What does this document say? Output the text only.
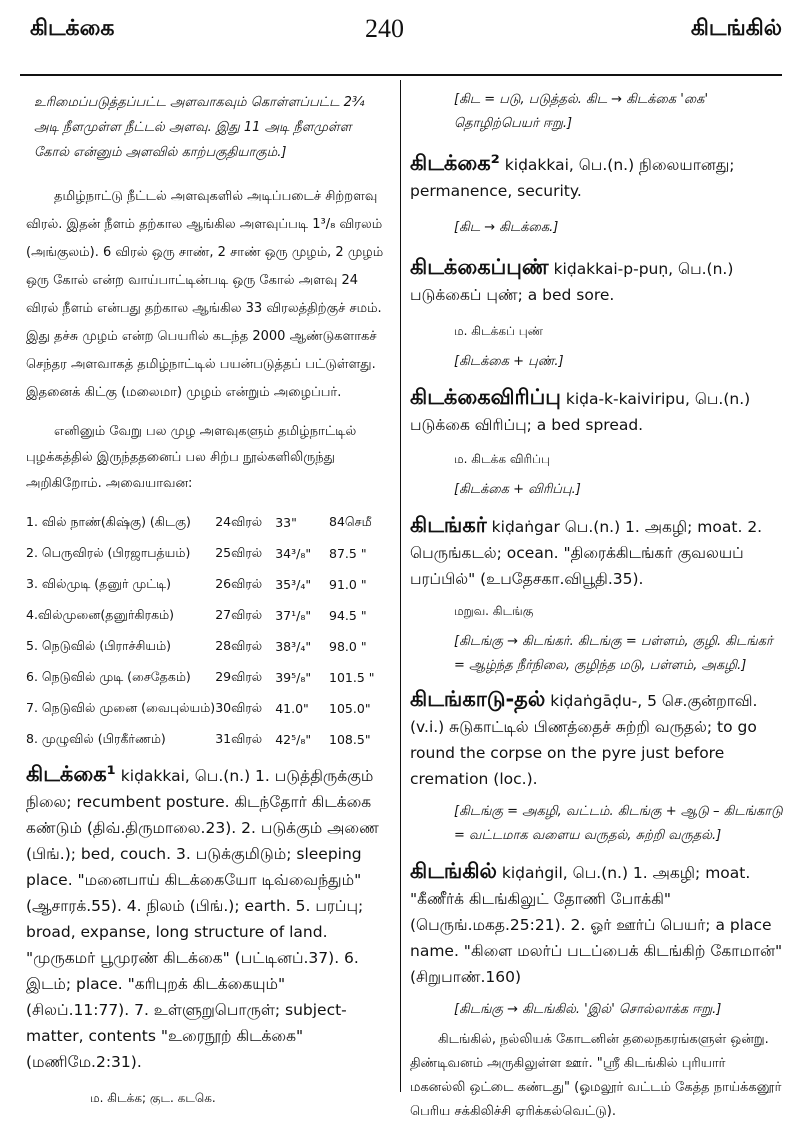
கிடக்கை	240	கிடங்கில்

உரிமைப்படுத்தப்பட்ட அளவாகவும் கொள்ளப்பட்ட 2¾ அடி நீளமுள்ள நீட்டல் அளவு. இது 11 அடி நீளமுள்ள கோல் என்னும் அளவில் காற்பகுதியாகும்.]

தமிழ்நாட்டு நீட்டல் அளவுகளில் அடிப்படைச் சிற்றளவு விரல். இதன் நீளம் தற்கால ஆங்கில அளவுப்படி 1³/₈ விரலம் (அங்குலம்). 6 விரல் ஒரு சாண், 2 சாண் ஒரு முழம், 2 முழம் ஒரு கோல் என்ற வாய்பாட்டின்படி ஒரு கோல் அளவு 24 விரல் நீளம் என்பது தற்கால ஆங்கில 33 விரலத்திற்குச் சமம். இது தச்சு முழம் என்ற பெயரில் கடந்த 2000 ஆண்டுகளாகச் செந்தர அளவாகத் தமிழ்நாட்டில் பயன்படுத்தப் பட்டுள்ளது. இதனைக் கிட்கு (மலைமா) முழம் என்றும் அழைப்பர்.

எனினும் வேறு பல முழ அளவுகளும் தமிழ்நாட்டில் புழக்கத்தில் இருந்ததனைப் பல சிற்ப நூல்களிலிருந்து அறிகிறோம். அவையாவன:

1. வில் நாண்(கிஷ்கு) (கிடகு)	24விரல்	33"	84செமீ
2. பெருவிரல் (பிரஜாபத்யம்)	25விரல்	34³/₈"	87.5 "
3. வில்முடி (தனுர் முட்டி)	26விரல்	35³/₄"	91.0 "
4.வில்முனை(தனுர்கிரகம்)	27விரல்	37¹/₈"	94.5 "
5. நெடுவில் (பிராச்சியம்)	28விரல்	38³/₄"	98.0 "
6. நெடுவில் முடி (சைதேகம்)	29விரல்	39⁵/₈"	101.5 "
7. நெடுவில் முனை (வைபுல்யம்)	30விரல்	41.0"	105.0"
8. முழுவில் (பிரகீர்ணம்)	31விரல்	42⁵/₈"	108.5"

கிடக்கை¹ kiḍakkai, பெ.(n.) 1. படுத்திருக்கும் நிலை; recumbent posture. கிடந்தோர் கிடக்கை கண்டும் (திவ்.திருமாலை.23). 2. படுக்கும் அணை (பிங்.); bed, couch. 3. படுக்குமிடும்; sleeping place. "மனைபாய் கிடக்கையோ டிவ்வைந்தும்" (ஆசாரக்.55). 4. நிலம் (பிங்.); earth. 5. பரப்பு; broad, expanse, long structure of land. "முருகமர் பூமுரண் கிடக்கை" (பட்டினப்.37). 6. இடம்; place. "கரிபுறக் கிடக்கையும்" (சிலப்.11:77). 7. உள்ளுறுபொருள்; subject-matter, contents "உரைநூற் கிடக்கை" (மணிமே.2:31).

ம. கிடக்க; குட. கடகெ.

[கிட = படு, படுத்தல். கிட → கிடக்கை 'கை' தொழிற்பெயர் ஈறு.]

கிடக்கை² kiḍakkai, பெ.(n.) நிலையானது; permanence, security.

[கிட → கிடக்கை.]

கிடக்கைப்புண் kiḍakkai-p-puṇ, பெ.(n.) படுக்கைப் புண்; a bed sore.

ம. கிடக்கப் புண்

[கிடக்கை + புண்.]

கிடக்கைவிரிப்பு kiḍa-k-kaiviripu, பெ.(n.) படுக்கை விரிப்பு; a bed spread.

ம. கிடக்க விரிப்பு

[கிடக்கை + விரிப்பு.]

கிடங்கர் kiḍaṅgar பெ.(n.) 1. அகழி; moat. 2. பெருங்கடல்; ocean. "திரைக்கிடங்கர் குவலயப் பரப்பில்" (உபதேசகா.விபூதி.35).

மறுவ. கிடங்கு

[கிடங்கு → கிடங்கர். கிடங்கு = பள்ளம், குழி. கிடங்கர் = ஆழ்ந்த நீர்நிலை, குழிந்த மடு, பள்ளம், அகழி.]

கிடங்காடு-தல் kiḍaṅgāḍu-, 5 செ.குன்றாவி.(v.i.) சுடுகாட்டில் பிணத்தைச் சுற்றி வருதல்; to go round the corpse on the pyre just before cremation (loc.).

[கிடங்கு = அகழி, வட்டம். கிடங்கு + ஆடு – கிடங்காடு = வட்டமாக வளைய வருதல், சுற்றி வருதல்.]

கிடங்கில் kiḍaṅgil, பெ.(n.) 1. அகழி; moat. "கீணீர்க் கிடங்கிலுட் தோணி போக்கி" (பெருங்.மகத.25:21). 2. ஓர் ஊர்ப் பெயர்; a place name. "கிளை மலர்ப் படப்பைக் கிடங்கிற் கோமான்" (சிறுபாண்.160)

[கிடங்கு → கிடங்கில். 'இல்' சொல்லாக்க ஈறு.]

கிடங்கில், நல்லியக் கோடனின் தலைநகரங்களுள் ஒன்று. திண்டிவனம் அருகிலுள்ள ஊர். "ஸ்ரீ கிடங்கில் புரியார் மகனல்லி ஒட்டை கண்டது" (ஓமலூர் வட்டம் கேத்த நாய்க்கனூர் பெரிய சக்கிலிச்சி ஏரிக்கல்வெட்டு).
